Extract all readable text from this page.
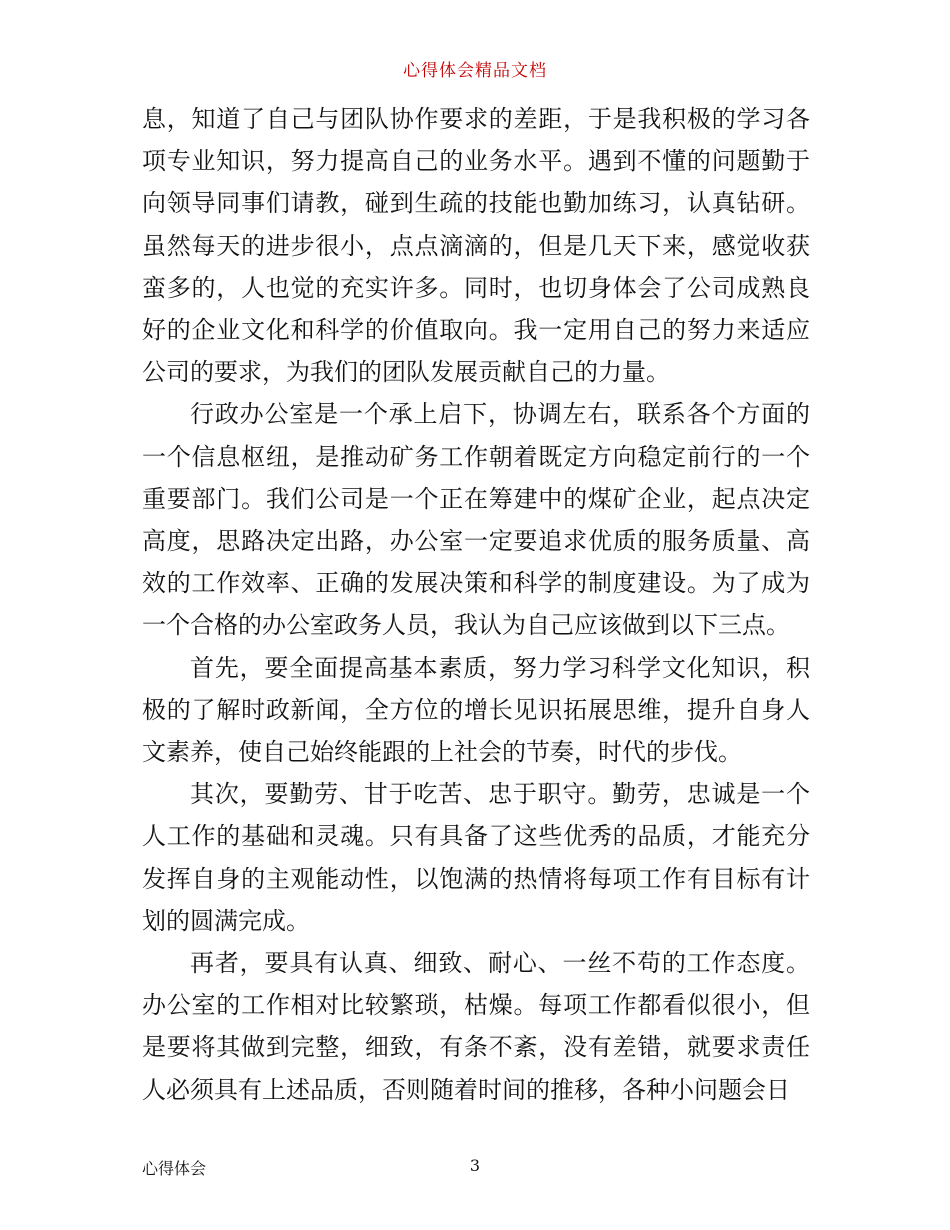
心得体会精品文档

息，知道了自己与团队协作要求的差距，于是我积极的学习各项专业知识，努力提高自己的业务水平。遇到不懂的问题勤于向领导同事们请教，碰到生疏的技能也勤加练习，认真钻研。虽然每天的进步很小，点点滴滴的，但是几天下来，感觉收获蛮多的，人也觉的充实许多。同时，也切身体会了公司成熟良好的企业文化和科学的价值取向。我一定用自己的努力来适应公司的要求，为我们的团队发展贡献自己的力量。

行政办公室是一个承上启下，协调左右，联系各个方面的一个信息枢纽，是推动矿务工作朝着既定方向稳定前行的一个重要部门。我们公司是一个正在筹建中的煤矿企业，起点决定高度，思路决定出路，办公室一定要追求优质的服务质量、高效的工作效率、正确的发展决策和科学的制度建设。为了成为一个合格的办公室政务人员，我认为自己应该做到以下三点。

首先，要全面提高基本素质，努力学习科学文化知识，积极的了解时政新闻，全方位的增长见识拓展思维，提升自身人文素养，使自己始终能跟的上社会的节奏，时代的步伐。

其次，要勤劳、甘于吃苦、忠于职守。勤劳，忠诚是一个人工作的基础和灵魂。只有具备了这些优秀的品质，才能充分发挥自身的主观能动性，以饱满的热情将每项工作有目标有计划的圆满完成。

再者，要具有认真、细致、耐心、一丝不苟的工作态度。办公室的工作相对比较繁琐，枯燥。每项工作都看似很小，但是要将其做到完整，细致，有条不紊，没有差错，就要求责任人必须具有上述品质，否则随着时间的推移，各种小问题会日

心得体会	3
